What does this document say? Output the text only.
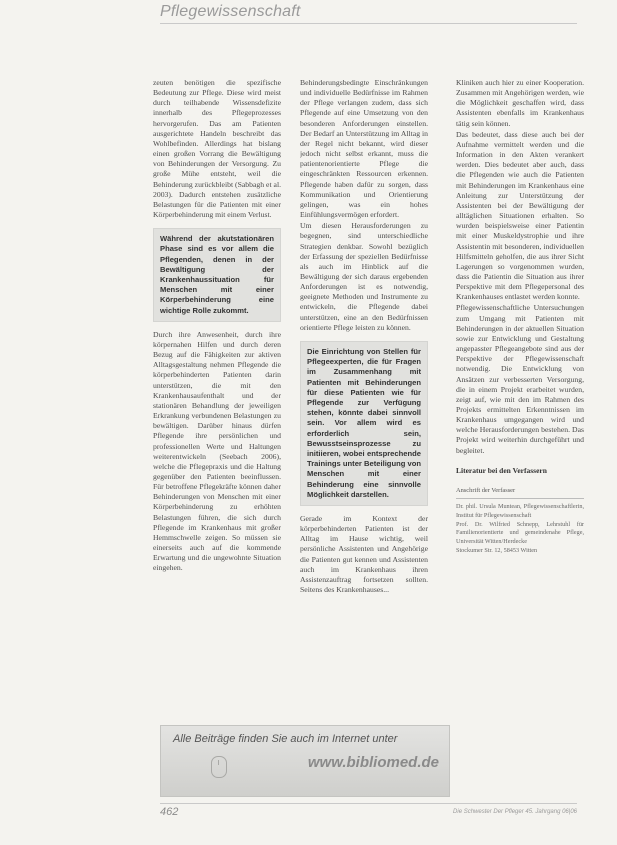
Pflegewissenschaft

zeuten benötigen die spezifische Bedeutung zur Pflege. Diese wird meist durch teilhabende Wissensdefizite innerhalb des Pflegeprozesses hervorgerufen. Das am Patienten ausgerichtete Handeln beschreibt das Wohlbefinden. Allerdings hat bislang einen großen Vorrang die Bewältigung von Behinderungen der Versorgung. Zu große Mühe entsteht, weil die Behinderung zurückbleibt (Sabbagh et al. 2003). Dadurch entstehen zusätzliche Belastungen für die Patienten mit einer Körperbehinderung mit einem Verlust.

Während der akutstationären Phase sind es vor allem die Pflegenden, denen in der Bewältigung der Krankenhaussituation für Menschen mit einer Körperbehinderung eine wichtige Rolle zukommt.

Durch ihre Anwesenheit, durch ihre körpernahen Hilfen und durch deren Bezug auf die Fähigkeiten zur aktiven Alltagsgestaltung nehmen Pflegende die körperbehinderten Patienten darin unterstützen, die mit den Krankenhausaufenthalt und der stationären Behandlung der jeweiligen Erkrankung verbundenen Belastungen zu bewältigen. Darüber hinaus dürfen Pflegende ihre persönlichen und professionellen Werte und Haltungen weiterentwickeln (Seebach 2006), welche die Pflegepraxis und die Haltung gegenüber den Patienten beeinflussen. Für betroffene Pflegekräfte können daher Behinderungen von Menschen mit einer Körperbehinderung zu erhöhten Belastungen führen, die sich durch Pflegende im Krankenhaus mit großer Hemmschwelle zeigen. So müssen sie einerseits auch auf die kommende Erwartung und die ungewohnte Situation eingehen.

Behinderungsbedingte Einschränkungen und individuelle Bedürfnisse im Rahmen der Pflege verlangen zudem, dass sich Pflegende auf eine Umsetzung von den besonderen Anforderungen einstellen. Der Bedarf an Unterstützung im Alltag in der Regel nicht bekannt, wird dieser jedoch nicht selbst erkannt, muss die patientenorientierte Pflege die eingeschränkten Ressourcen erkennen. Pflegende haben dafür zu sorgen, dass Kommunikation und Orientierung gelingen, was ein hohes Einfühlungsvermögen erfordert.

Um diesen Herausforderungen zu begegnen, sind unterschiedliche Strategien denkbar. Sowohl bezüglich der Erfassung der speziellen Bedürfnisse als auch im Hinblick auf die Bewältigung der sich daraus ergebenden Anforderungen ist es notwendig, geeignete Methoden und Instrumente zu entwickeln, die Pflegende dabei unterstützen, eine an den Bedürfnissen orientierte Pflege leisten zu können.

Die Einrichtung von Stellen für Pflegeexperten, die für Fragen im Zusammenhang mit Patienten mit Behinderungen für diese Patienten wie für Pflegende zur Verfügung stehen, könnte dabei sinnvoll sein. Vor allem wird es erforderlich sein, Bewusstseinsprozesse zu initiieren, wobei entsprechende Trainings unter Beteiligung von Menschen mit einer Behinderung eine sinnvolle Möglichkeit darstellen.

Gerade im Kontext der körperbehinderten Patienten ist der Alltag im Hause wichtig, weil persönliche Assistenten und Angehörige die Patienten gut kennen und Assistenten auch im Krankenhaus ihren Assistenzauftrag fortsetzen sollten. Seitens des Krankenhauses...

Kliniken auch hier zu einer Kooperation. Zusammen mit Angehörigen werden, wie die Möglichkeit geschaffen wird, dass Assistenten ebenfalls im Krankenhaus tätig sein können.

Das bedeutet, dass diese auch bei der Aufnahme vermittelt werden und die Information in den Akten verankert werden. Dies bedeutet aber auch, dass die Pflegenden wie auch die Patienten mit Behinderungen im Krankenhaus eine Anleitung zur Unterstützung der Assistenten bei der Bewältigung der alltäglichen Situationen erhalten. So wurden beispielsweise einer Patientin mit einer Muskeldystrophie und ihre Assistentin mit besonderen, individuellen Hilfsmitteln geholfen, die aus ihrer Sicht Lagerungen so vorgenommen wurden, dass die Patientin die Situation aus ihrer Perspektive mit dem Pflegepersonal des Krankenhauses entlastet werden konnte.

Pflegewissenschaftliche Untersuchungen zum Umgang mit Patienten mit Behinderungen in der aktuellen Situation sowie zur Entwicklung und Gestaltung angepasster Pflegeangebote sind aus der Perspektive der Pflegewissenschaft notwendig. Die Entwicklung von Ansätzen zur verbesserten Versorgung, die in einem Projekt erarbeitet wurden, zeigt auf, wie mit den im Rahmen des Projekts ermittelten Erkenntnissen im Krankenhaus umgegangen wird und welche Herausforderungen bestehen. Das Projekt wird weiterhin durchgeführt und begleitet.

Literatur bei den Verfassern
Anschrift der Verfasser

Dr. phil. Ursula Muntean, Pflegewissenschaftlerin, Institut für Pflegewissenschaft

Prof. Dr. Wilfried Schnepp, Lehrstuhl für Familienorientierte und gemeindenahe Pflege, Universität Witten/Herdecke

Stockumer Str. 12, 58453 Witten

Alle Beiträge finden Sie auch im Internet unter
www.bibliomed.de
462	Die Schwester Der Pfleger 45. Jahrgang 06|06
